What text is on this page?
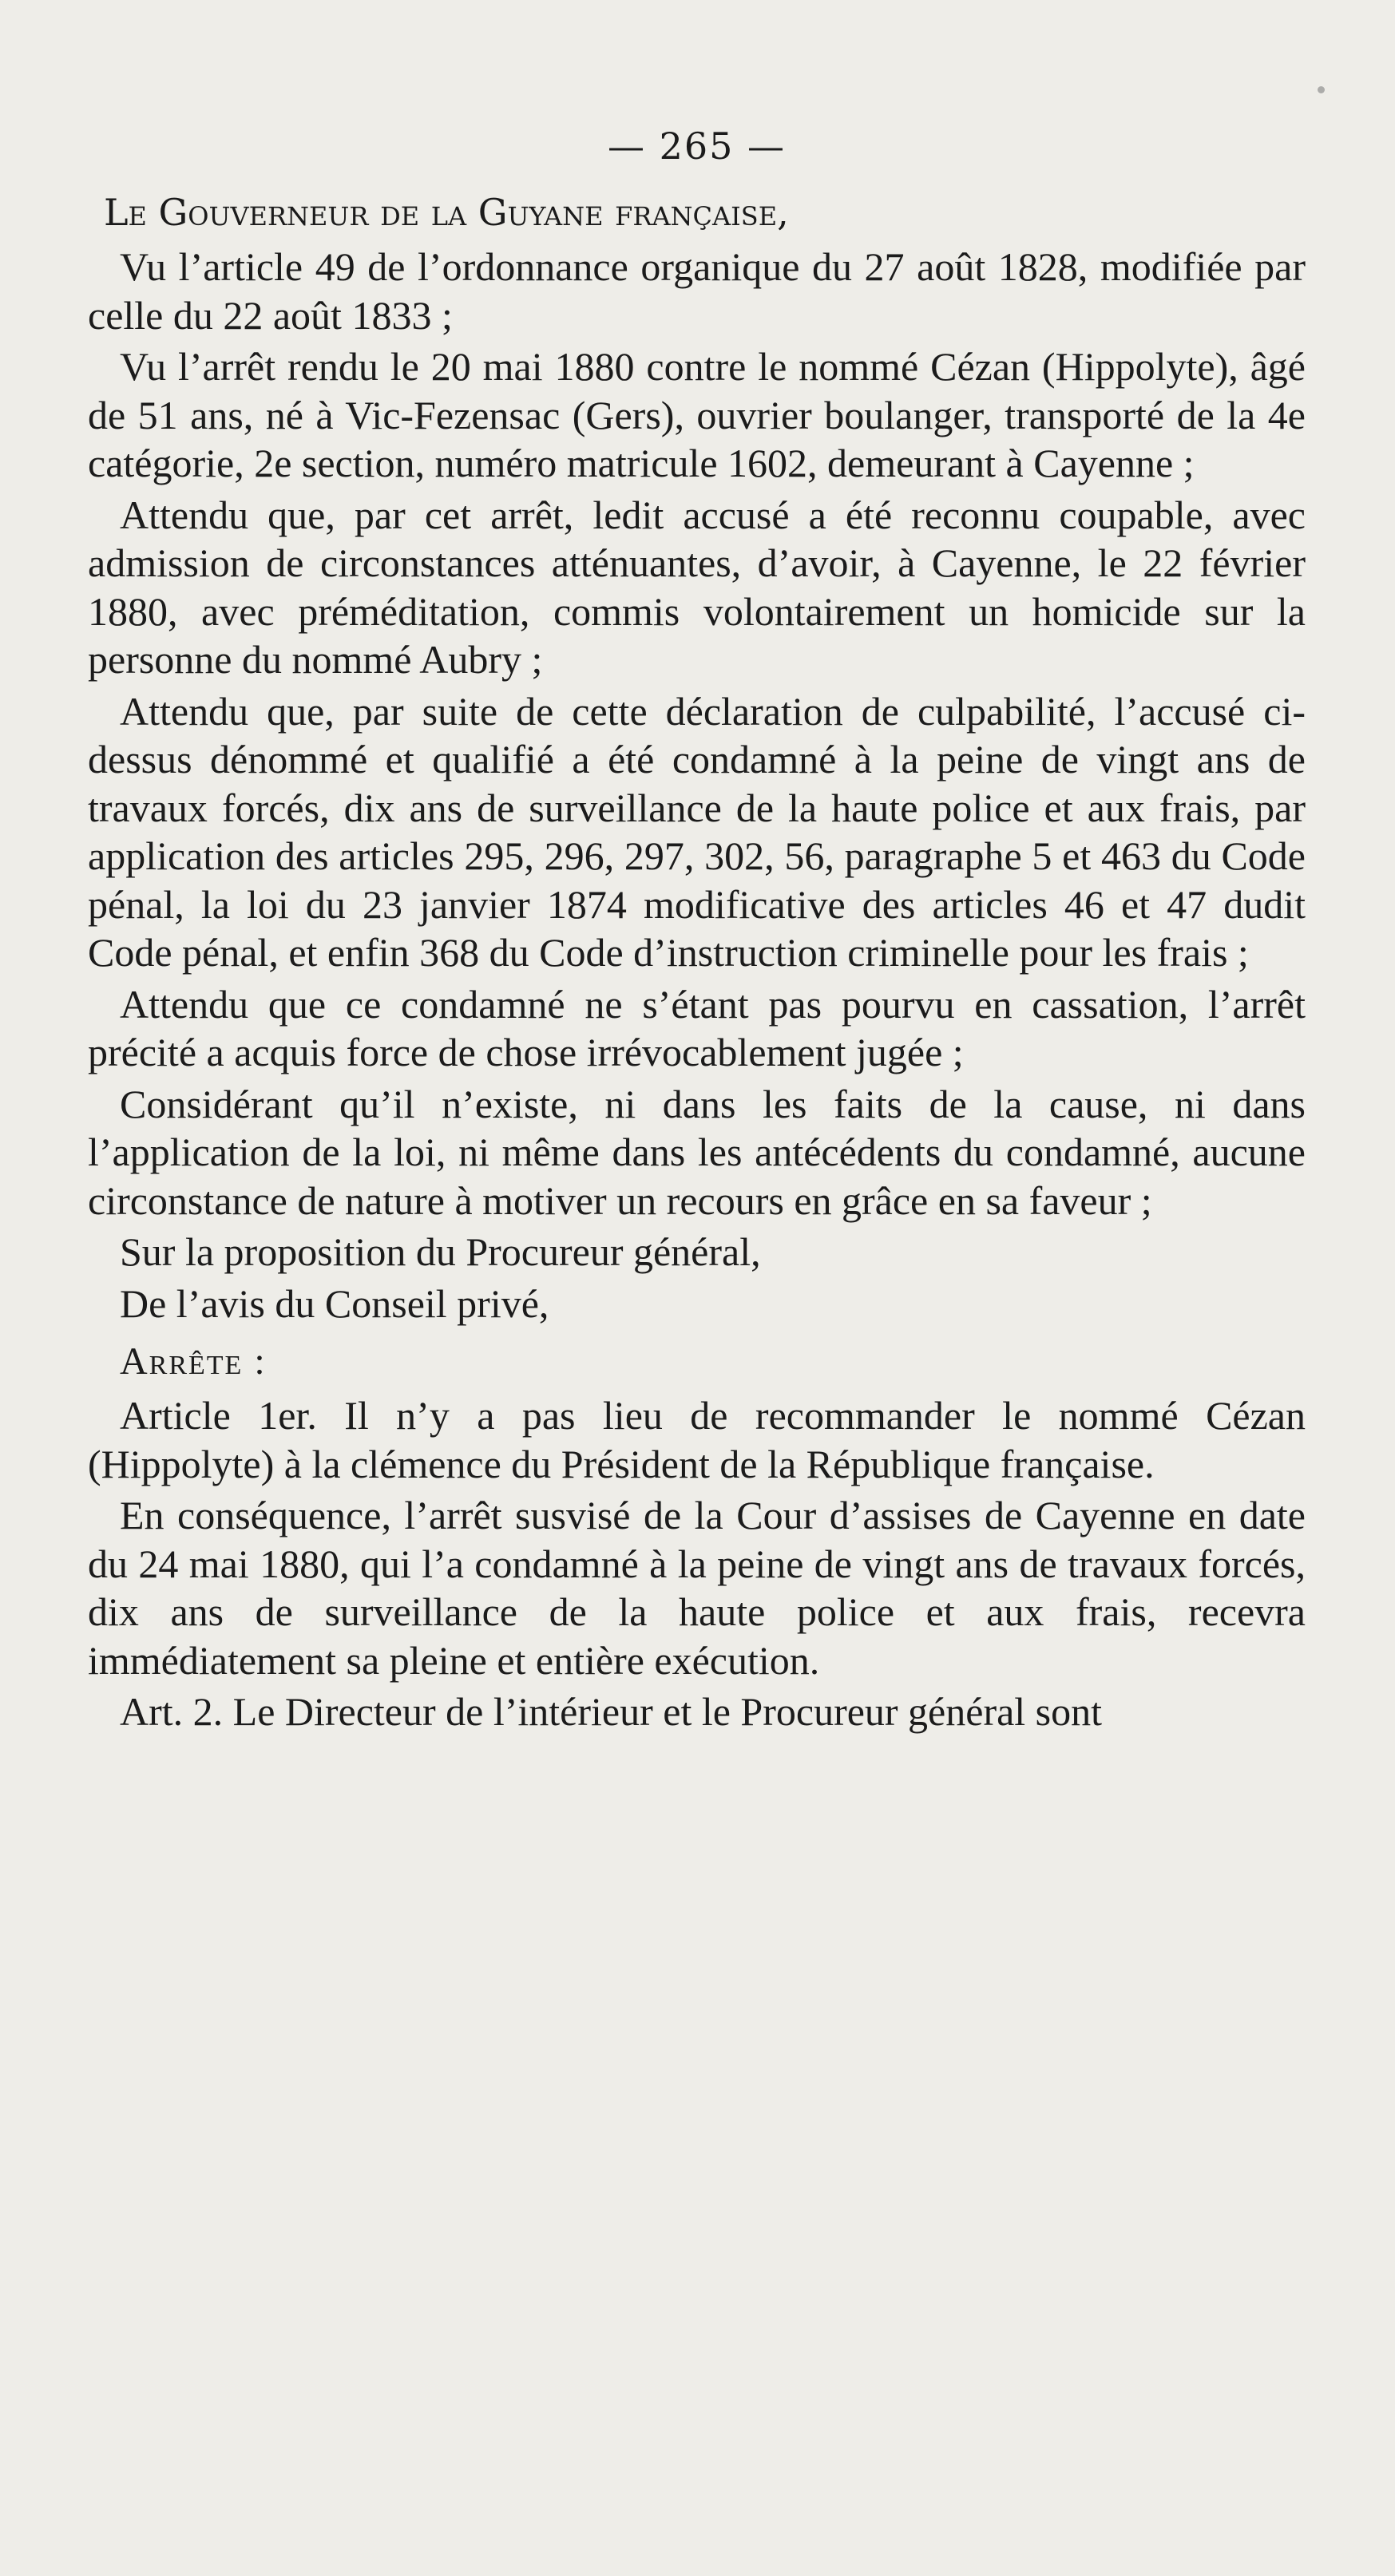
— 265 —
Le Gouverneur de la Guyane française,

Vu l’article 49 de l’ordonnance organique du 27 août 1828, modifiée par celle du 22 août 1833 ;

Vu l’arrêt rendu le 20 mai 1880 contre le nommé Cézan (Hippolyte), âgé de 51 ans, né à Vic-Fezensac (Gers), ouvrier boulanger, transporté de la 4e catégorie, 2e section, numéro matricule 1602, demeurant à Cayenne ;

Attendu que, par cet arrêt, ledit accusé a été reconnu coupable, avec admission de circonstances atténuantes, d’avoir, à Cayenne, le 22 février 1880, avec préméditation, commis volontairement un homicide sur la personne du nommé Aubry ;

Attendu que, par suite de cette déclaration de culpabilité, l’accusé ci-dessus dénommé et qualifié a été condamné à la peine de vingt ans de travaux forcés, dix ans de surveillance de la haute police et aux frais, par application des articles 295, 296, 297, 302, 56, paragraphe 5 et 463 du Code pénal, la loi du 23 janvier 1874 modificative des articles 46 et 47 dudit Code pénal, et enfin 368 du Code d’instruction criminelle pour les frais ;

Attendu que ce condamné ne s’étant pas pourvu en cassation, l’arrêt précité a acquis force de chose irrévocablement jugée ;

Considérant qu’il n’existe, ni dans les faits de la cause, ni dans l’application de la loi, ni même dans les antécédents du condamné, aucune circonstance de nature à motiver un recours en grâce en sa faveur ;

Sur la proposition du Procureur général,

De l’avis du Conseil privé,

Arrête :

Article 1er. Il n’y a pas lieu de recommander le nommé Cézan (Hippolyte) à la clémence du Président de la République française.

En conséquence, l’arrêt susvisé de la Cour d’assises de Cayenne en date du 24 mai 1880, qui l’a condamné à la peine de vingt ans de travaux forcés, dix ans de surveillance de la haute police et aux frais, recevra immédiatement sa pleine et entière exécution.

Art. 2. Le Directeur de l’intérieur et le Procureur général sont
